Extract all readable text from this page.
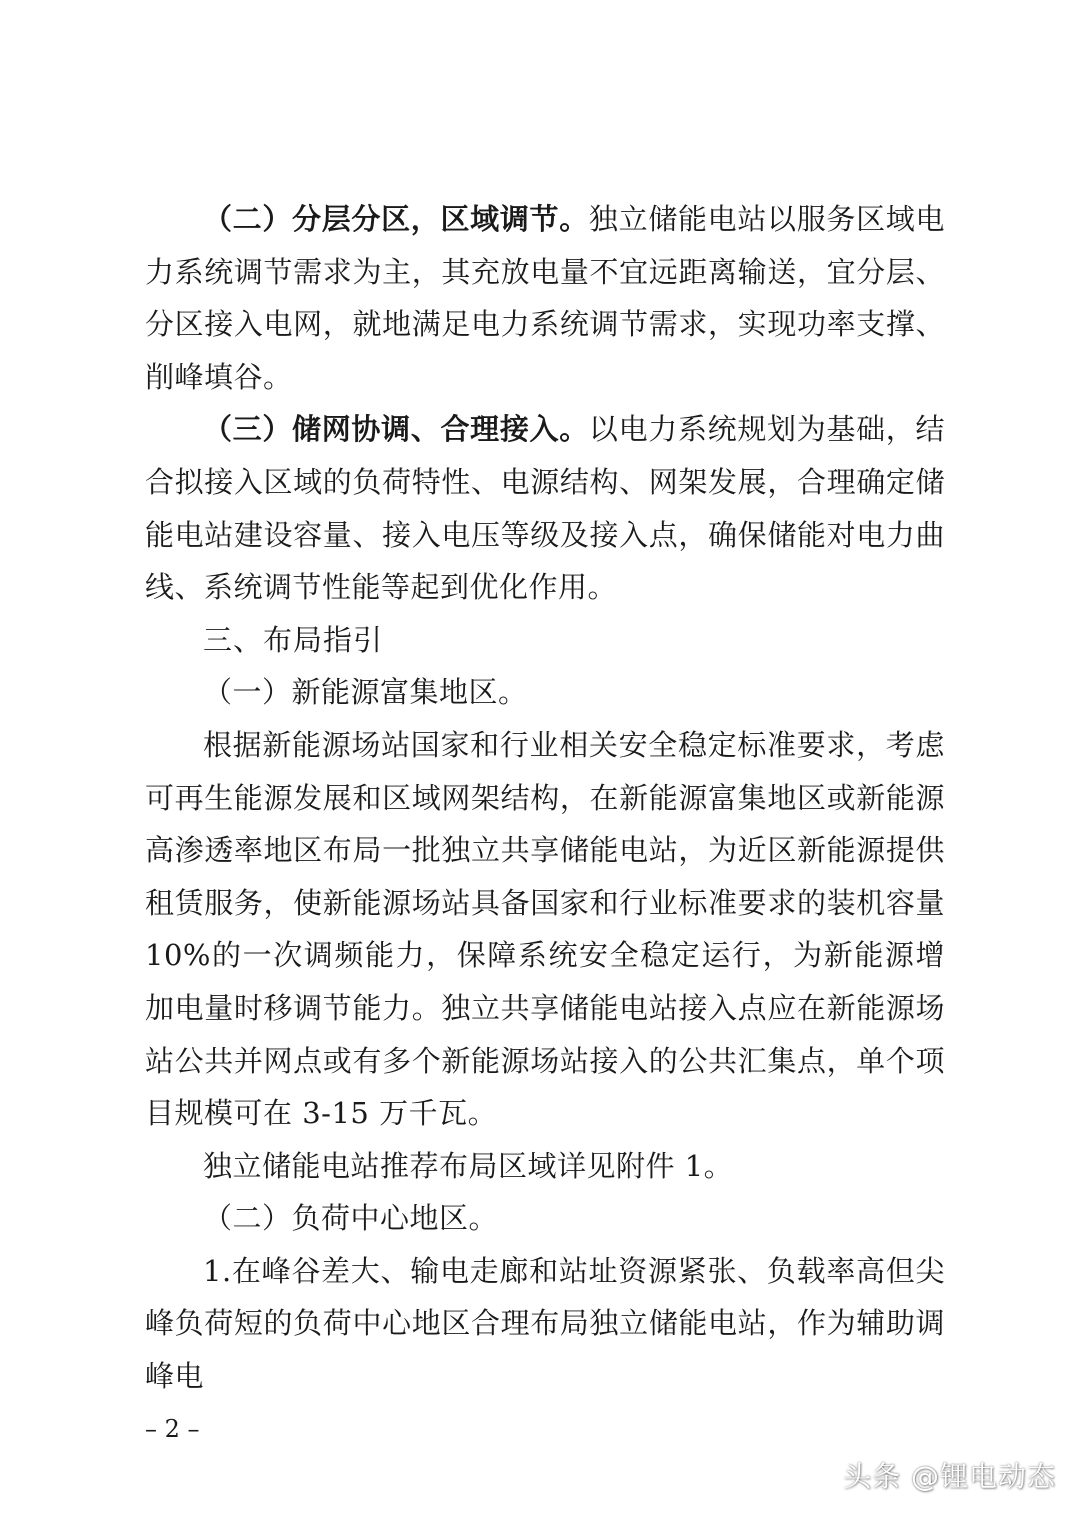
（二）分层分区，区域调节。独立储能电站以服务区域电力系统调节需求为主，其充放电量不宜远距离输送，宜分层、分区接入电网，就地满足电力系统调节需求，实现功率支撑、削峰填谷。

（三）储网协调、合理接入。以电力系统规划为基础，结合拟接入区域的负荷特性、电源结构、网架发展，合理确定储能电站建设容量、接入电压等级及接入点，确保储能对电力曲线、系统调节性能等起到优化作用。

三、布局指引

（一）新能源富集地区。

根据新能源场站国家和行业相关安全稳定标准要求，考虑可再生能源发展和区域网架结构，在新能源富集地区或新能源高渗透率地区布局一批独立共享储能电站，为近区新能源提供租赁服务，使新能源场站具备国家和行业标准要求的装机容量 10%的一次调频能力，保障系统安全稳定运行，为新能源增加电量时移调节能力。独立共享储能电站接入点应在新能源场站公共并网点或有多个新能源场站接入的公共汇集点，单个项目规模可在 3-15 万千瓦。

独立储能电站推荐布局区域详见附件 1。

（二）负荷中心地区。

1.在峰谷差大、输电走廊和站址资源紧张、负载率高但尖峰负荷短的负荷中心地区合理布局独立储能电站，作为辅助调峰电

– 2 –
头条 @锂电动态
